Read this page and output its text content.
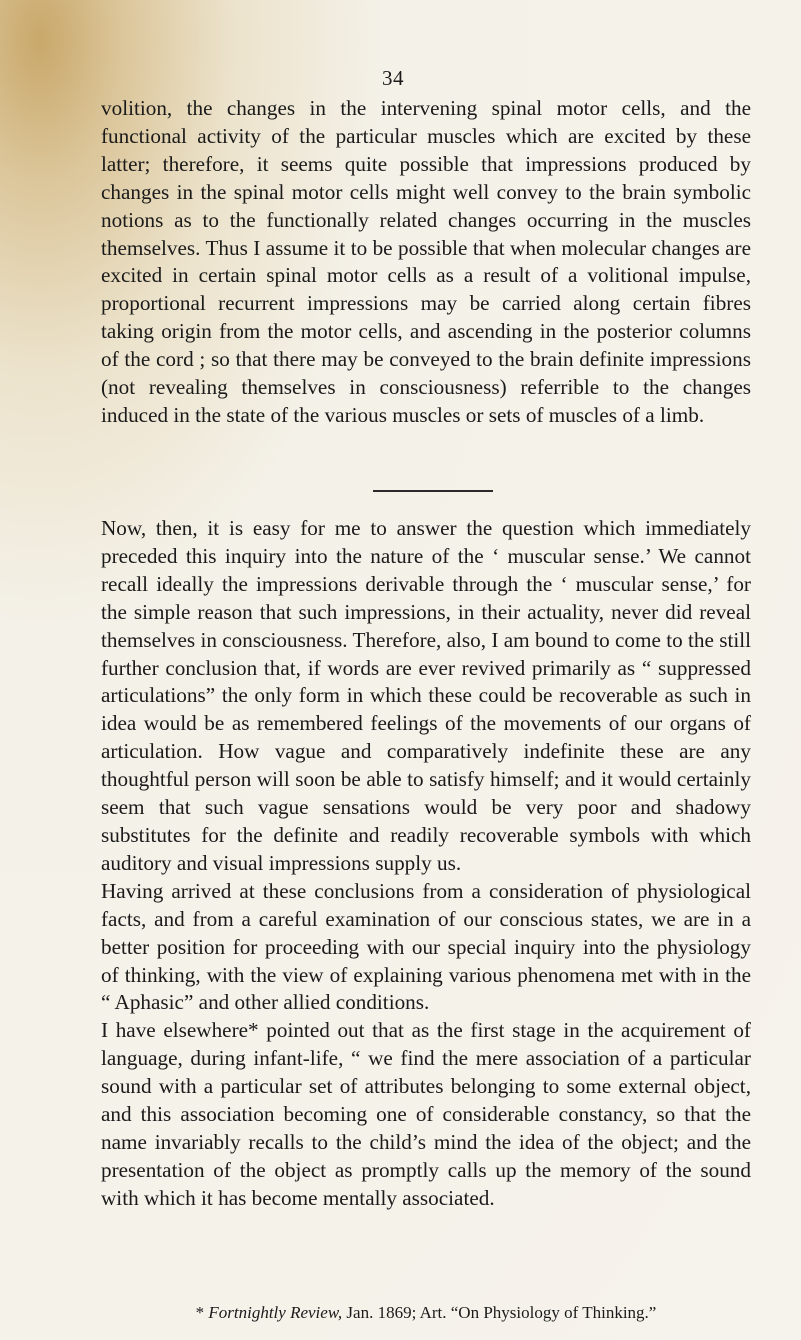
34

volition, the changes in the intervening spinal motor cells, and the functional activity of the particular muscles which are excited by these latter; therefore, it seems quite possible that impressions produced by changes in the spinal motor cells might well convey to the brain symbolic notions as to the functionally related changes occurring in the muscles themselves. Thus I assume it to be possible that when molecular changes are excited in certain spinal motor cells as a result of a volitional impulse, proportional recurrent impressions may be carried along certain fibres taking origin from the motor cells, and ascending in the posterior columns of the cord ; so that there may be conveyed to the brain definite impressions (not revealing themselves in consciousness) referrible to the changes induced in the state of the various muscles or sets of muscles of a limb.

Now, then, it is easy for me to answer the question which immediately preceded this inquiry into the nature of the ‘ muscular sense.’ We cannot recall ideally the impressions derivable through the ‘ muscular sense,’ for the simple reason that such impressions, in their actuality, never did reveal themselves in consciousness. Therefore, also, I am bound to come to the still further conclusion that, if words are ever revived primarily as “ suppressed articulations” the only form in which these could be recoverable as such in idea would be as remembered feelings of the movements of our organs of articulation. How vague and comparatively indefinite these are any thoughtful person will soon be able to satisfy himself; and it would certainly seem that such vague sensations would be very poor and shadowy substitutes for the definite and readily recoverable symbols with which auditory and visual impressions supply us.

Having arrived at these conclusions from a consideration of physiological facts, and from a careful examination of our conscious states, we are in a better position for proceeding with our special inquiry into the physiology of thinking, with the view of explaining various phenomena met with in the “ Aphasic” and other allied conditions.

I have elsewhere* pointed out that as the first stage in the acquirement of language, during infant-life, “ we find the mere association of a particular sound with a particular set of attributes belonging to some external object, and this association becoming one of considerable constancy, so that the name invariably recalls to the child’s mind the idea of the object; and the presentation of the object as promptly calls up the memory of the sound with which it has become mentally associated.

* Fortnightly Review, Jan. 1869; Art. “On Physiology of Thinking.”
